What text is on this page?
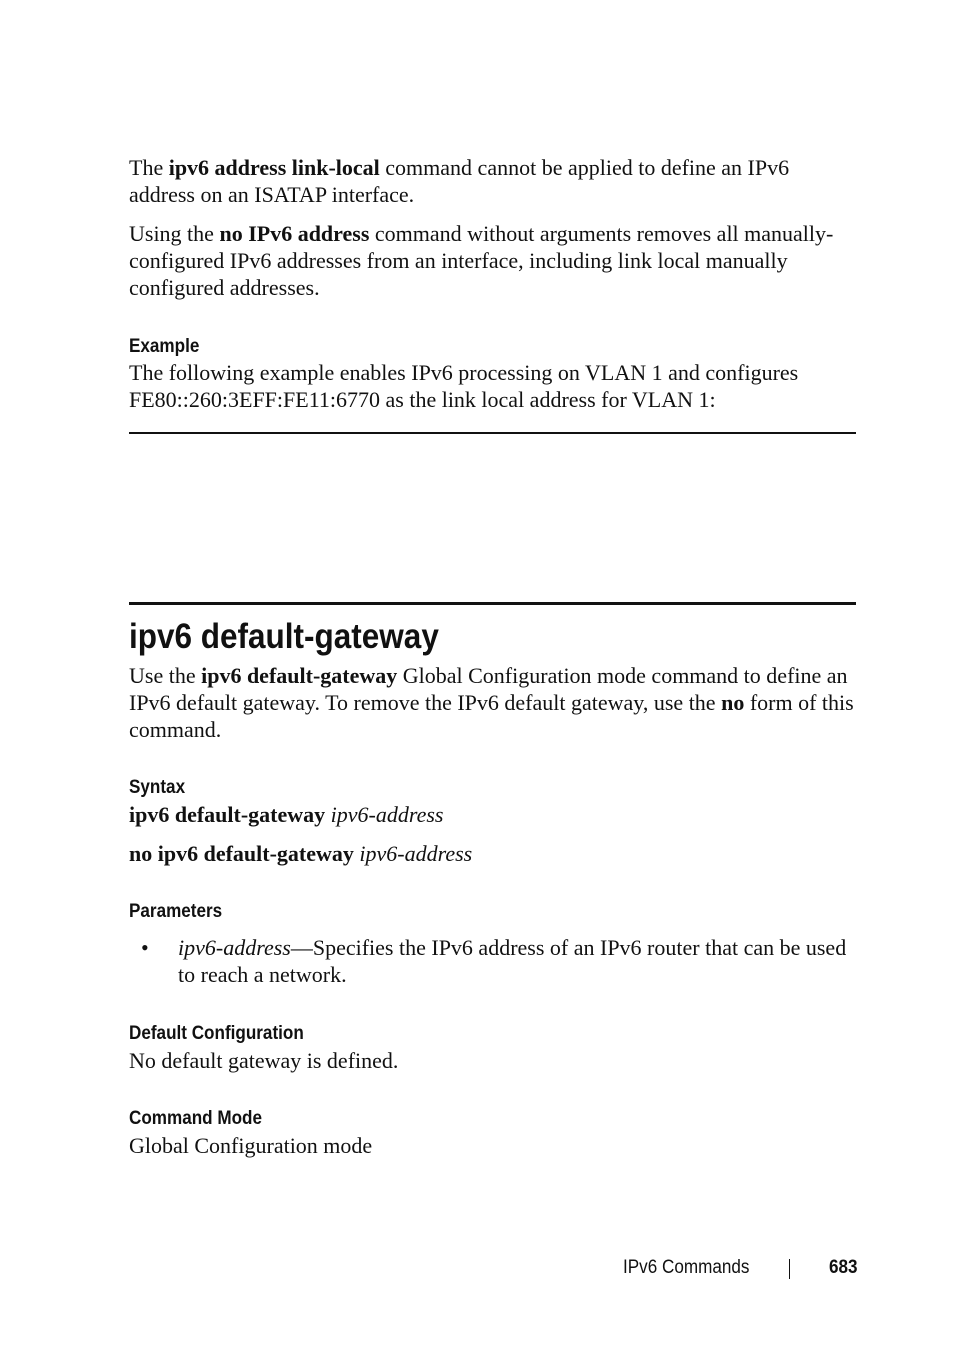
The ipv6 address link-local command cannot be applied to define an IPv6 address on an ISATAP interface.

Using the no IPv6 address command without arguments removes all manually-configured IPv6 addresses from an interface, including link local manually configured addresses.

Example

The following example enables IPv6 processing on VLAN 1 and configures FE80::260:3EFF:FE11:6770 as the link local address for VLAN 1:

ipv6 default-gateway

Use the ipv6 default-gateway Global Configuration mode command to define an IPv6 default gateway. To remove the IPv6 default gateway, use the no form of this command.

Syntax

ipv6 default-gateway ipv6-address

no ipv6 default-gateway ipv6-address

Parameters

• ipv6-address—Specifies the IPv6 address of an IPv6 router that can be used to reach a network.

Default Configuration

No default gateway is defined.

Command Mode

Global Configuration mode

IPv6 Commands	683
